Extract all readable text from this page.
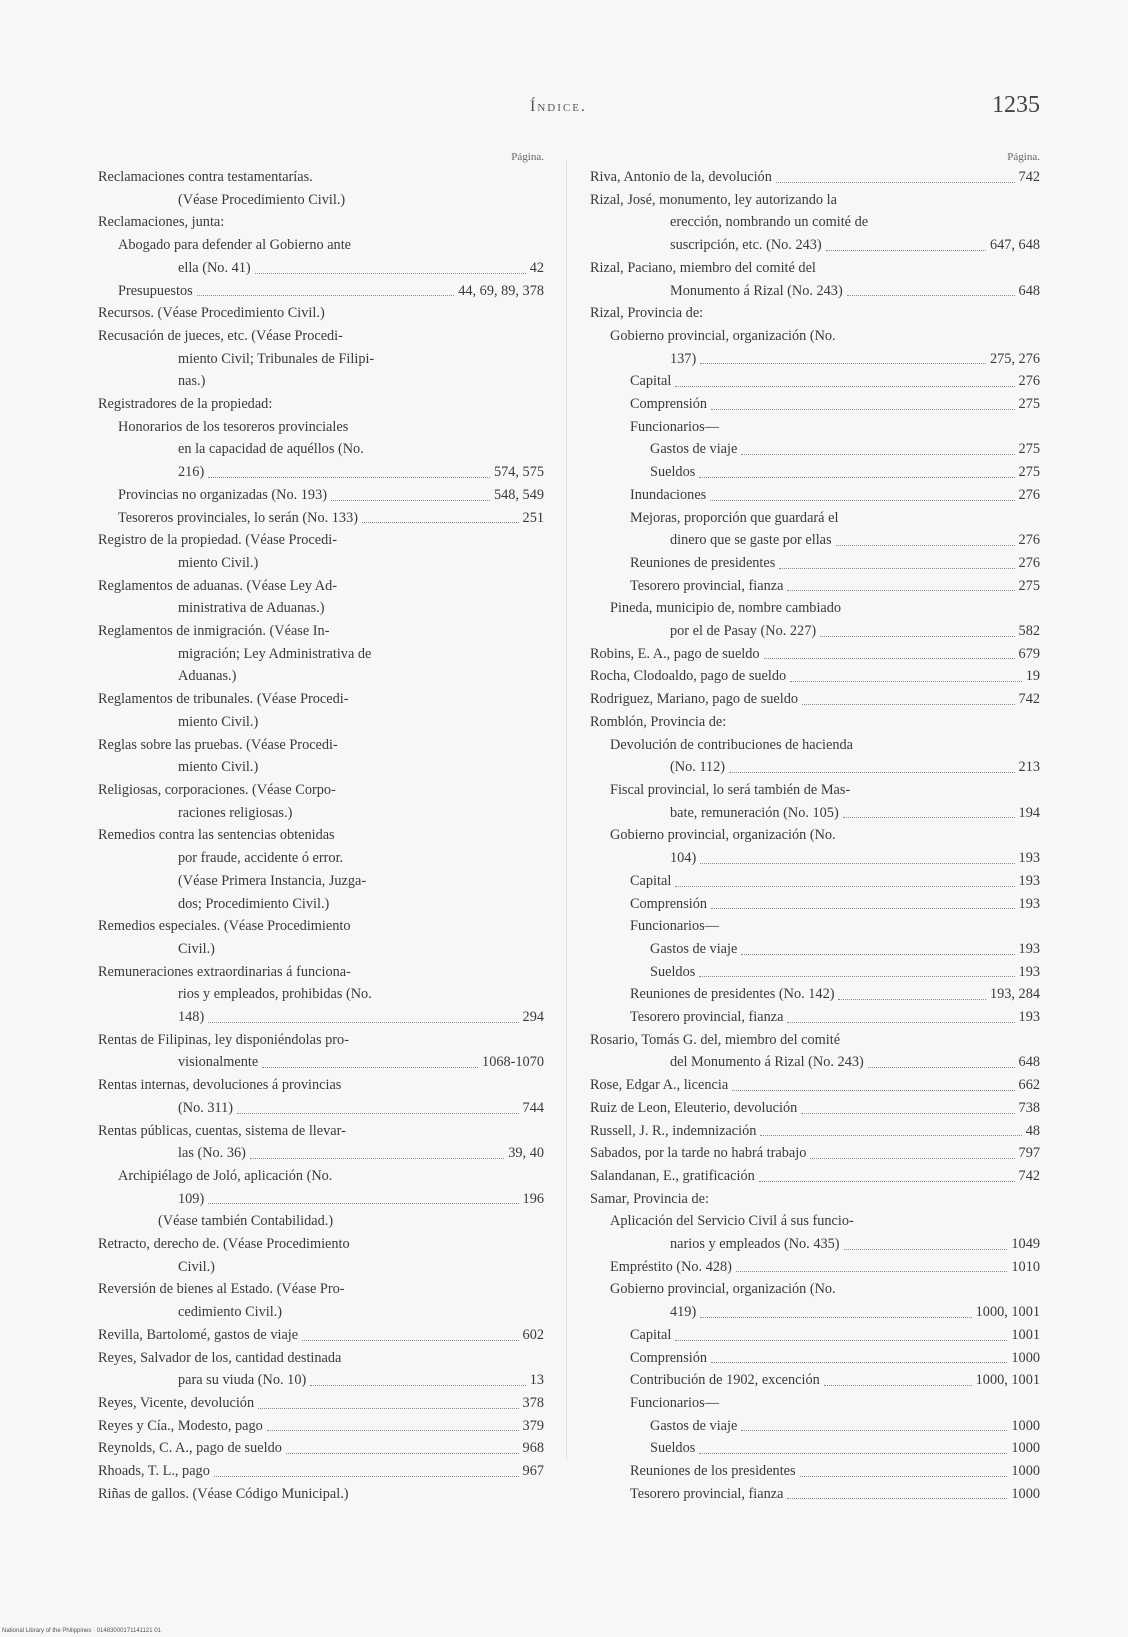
Índice.	1235
Página.
Reclamaciones contra testamentarías.
(Véase Procedimiento Civil.)
Reclamaciones, junta:
Abogado para defender al Gobierno ante
ella (No. 41)	42
Presupuestos	44, 69, 89, 378
Recursos. (Véase Procedimiento Civil.)
Recusación de jueces, etc. (Véase Procedi-
miento Civil; Tribunales de Filipi-
nas.)
Registradores de la propiedad:
Honorarios de los tesoreros provinciales
en la capacidad de aquéllos (No.
216)	574, 575
Provincias no organizadas (No. 193)	548, 549
Tesoreros provinciales, lo serán (No. 133)	251
Registro de la propiedad. (Véase Procedi-
miento Civil.)
Reglamentos de aduanas. (Véase Ley Ad-
ministrativa de Aduanas.)
Reglamentos de inmigración. (Véase In-
migración; Ley Administrativa de
Aduanas.)
Reglamentos de tribunales. (Véase Procedi-
miento Civil.)
Reglas sobre las pruebas. (Véase Procedi-
miento Civil.)
Religiosas, corporaciones. (Véase Corpo-
raciones religiosas.)
Remedios contra las sentencias obtenidas
por fraude, accidente ó error.
(Véase Primera Instancia, Juzga-
dos; Procedimiento Civil.)
Remedios especiales. (Véase Procedimiento
Civil.)
Remuneraciones extraordinarias á funciona-
rios y empleados, prohibidas (No.
148)	294
Rentas de Filipinas, ley disponiéndolas pro-
visionalmente	1068-1070
Rentas internas, devoluciones á provincias
(No. 311)	744
Rentas públicas, cuentas, sistema de llevar-
las (No. 36)	39, 40
Archipiélago de Joló, aplicación (No.
109)	196
(Véase también Contabilidad.)
Retracto, derecho de. (Véase Procedimiento
Civil.)
Reversión de bienes al Estado. (Véase Pro-
cedimiento Civil.)
Revilla, Bartolomé, gastos de viaje	602
Reyes, Salvador de los, cantidad destinada
para su viuda (No. 10)	13
Reyes, Vicente, devolución	378
Reyes y Cía., Modesto, pago	379
Reynolds, C. A., pago de sueldo	968
Rhoads, T. L., pago	967
Riñas de gallos. (Véase Código Municipal.)
Página.
Riva, Antonio de la, devolución	742
Rizal, José, monumento, ley autorizando la
erección, nombrando un comité de
suscripción, etc. (No. 243)	647, 648
Rizal, Paciano, miembro del comité del
Monumento á Rizal (No. 243)	648
Rizal, Provincia de:
Gobierno provincial, organización (No.
137)	275, 276
Capital	276
Comprensión	275
Funcionarios—
Gastos de viaje	275
Sueldos	275
Inundaciones	276
Mejoras, proporción que guardará el
dinero que se gaste por ellas	276
Reuniones de presidentes	276
Tesorero provincial, fianza	275
Pineda, municipio de, nombre cambiado
por el de Pasay (No. 227)	582
Robins, E. A., pago de sueldo	679
Rocha, Clodoaldo, pago de sueldo	19
Rodriguez, Mariano, pago de sueldo	742
Romblón, Provincia de:
Devolución de contribuciones de hacienda
(No. 112)	213
Fiscal provincial, lo será también de Mas-
bate, remuneración (No. 105)	194
Gobierno provincial, organización (No.
104)	193
Capital	193
Comprensión	193
Funcionarios—
Gastos de viaje	193
Sueldos	193
Reuniones de presidentes (No. 142)	193, 284
Tesorero provincial, fianza	193
Rosario, Tomás G. del, miembro del comité
del Monumento á Rizal (No. 243)	648
Rose, Edgar A., licencia	662
Ruiz de Leon, Eleuterio, devolución	738
Russell, J. R., indemnización	48
Sabados, por la tarde no habrá trabajo	797
Salandanan, E., gratificación	742
Samar, Provincia de:
Aplicación del Servicio Civil á sus funcio-
narios y empleados (No. 435)	1049
Empréstito (No. 428)	1010
Gobierno provincial, organización (No.
419)	1000, 1001
Capital	1001
Comprensión	1000
Contribución de 1902, excención	1000, 1001
Funcionarios—
Gastos de viaje	1000
Sueldos	1000
Reuniones de los presidentes	1000
Tesorero provincial, fianza	1000
National Library of the Philippines · 01483000171141121 01
